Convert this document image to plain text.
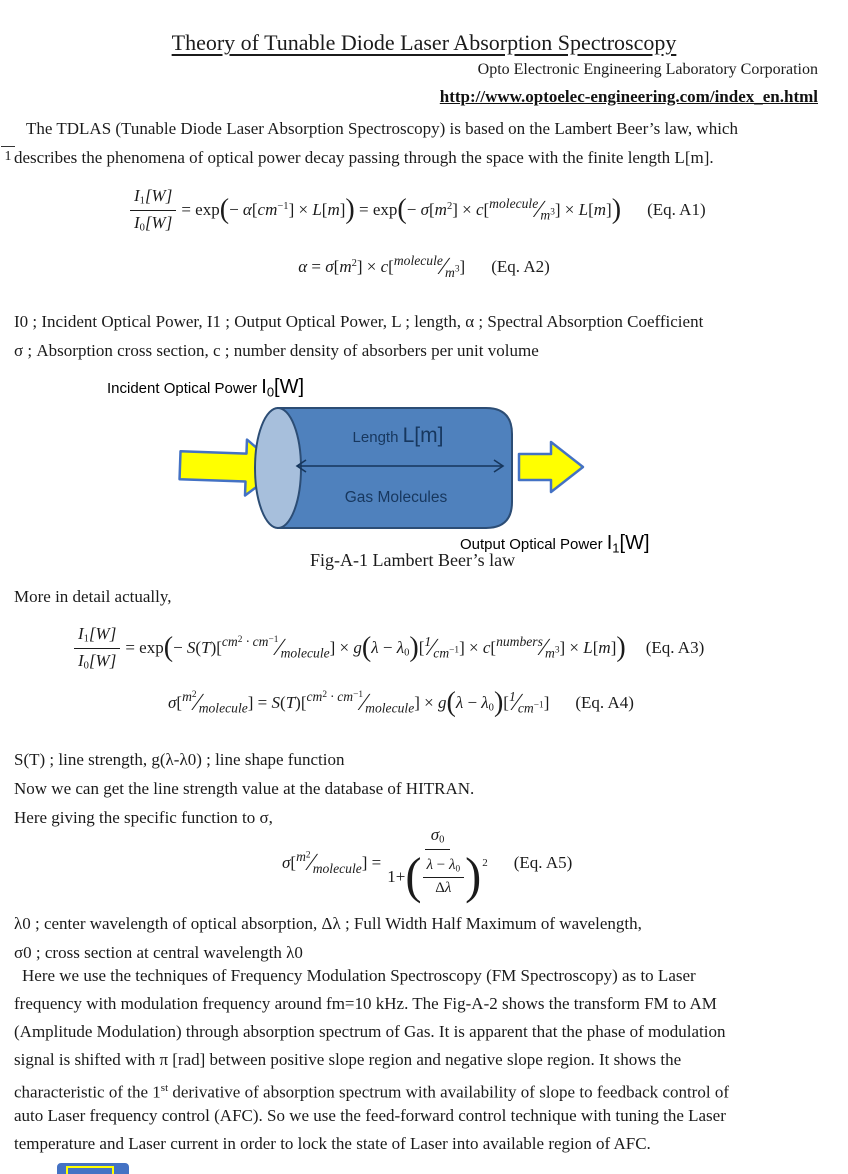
Theory of Tunable Diode Laser Absorption Spectroscopy
Opto Electronic Engineering Laboratory Corporation
http://www.optoelec-engineering.com/index_en.html
1
The TDLAS (Tunable Diode Laser Absorption Spectroscopy) is based on the Lambert Beer’s law, which
describes the phenomena of optical power decay passing through the space with the finite length L[m].
$\frac{I1[W]}{I0[W]} = \exp(- \alpha[cm^{-1}] \times L[m]) = \exp(- \sigma[m^2]$ × $c[^{molecule}∕_m3] \times L[m]$) (Eq. A1)
$\alpha = \sigma[m^2]$ × $c[^{molecule}∕_m3]$ (Eq. A2)
I0 ; Incident Optical Power, I1 ; Output Optical Power, L ; length, α ; Spectral Absorption Coefficient
σ ; Absorption cross section, c ; number density of absorbers per unit volume
Incident Optical Power $I_0[W]$
Length L[m]
Gas Molecules
Output Optical Power $I_1[W]$
Fig-A-1 Lambert Beer’s law
More in detail actually,
$\frac{I1[W]}{I0[W]} = \exp(- S(T)[^{cm2}$ · $^{cm-1}∕_{molecule}] \times g(\lambda$ − $\lambda 0)[^1∕_{cm}-1]$ × $c[^{numbers}∕_m3] \times L[m]$) (Eq. A3)
$\sigma[^{m2}∕_{molecule}] = S(T)[^{cm2}$ · $^{cm-1}∕_{molecule}] \times g(\lambda$ − $\lambda 0)[^1∕_{cm}-1]$ (Eq. A4)
S(T) ; line strength, g(λ-λ0) ; line shape function
Now we can get the line strength value at the database of HITRAN.
Here giving the specific function to σ,
$\sigma[^{m2}∕_{molecule}]$ =
σ0
1+ ( $\frac{\lambda - \lambda 0}{\Delta\lambda}$ ) 2 (Eq. A5)
λ0 ; center wavelength of optical absorption, Δλ ; Full Width Half Maximum of wavelength,
σ0 ; cross section at central wavelength λ0
Here we use the techniques of Frequency Modulation Spectroscopy (FM Spectroscopy) as to Laser
frequency with modulation frequency around fm=10 kHz. The Fig-A-2 shows the transform FM to AM
(Amplitude Modulation) through absorption spectrum of Gas. It is apparent that the phase of modulation
signal is shifted with π [rad] between positive slope region and negative slope region. It shows the
characteristic of the 1st derivative of absorption spectrum with availability of slope to feedback control of
auto Laser frequency control (AFC). So we use the feed-forward control technique with tuning the Laser
temperature and Laser current in order to lock the state of Laser into available region of AFC.
